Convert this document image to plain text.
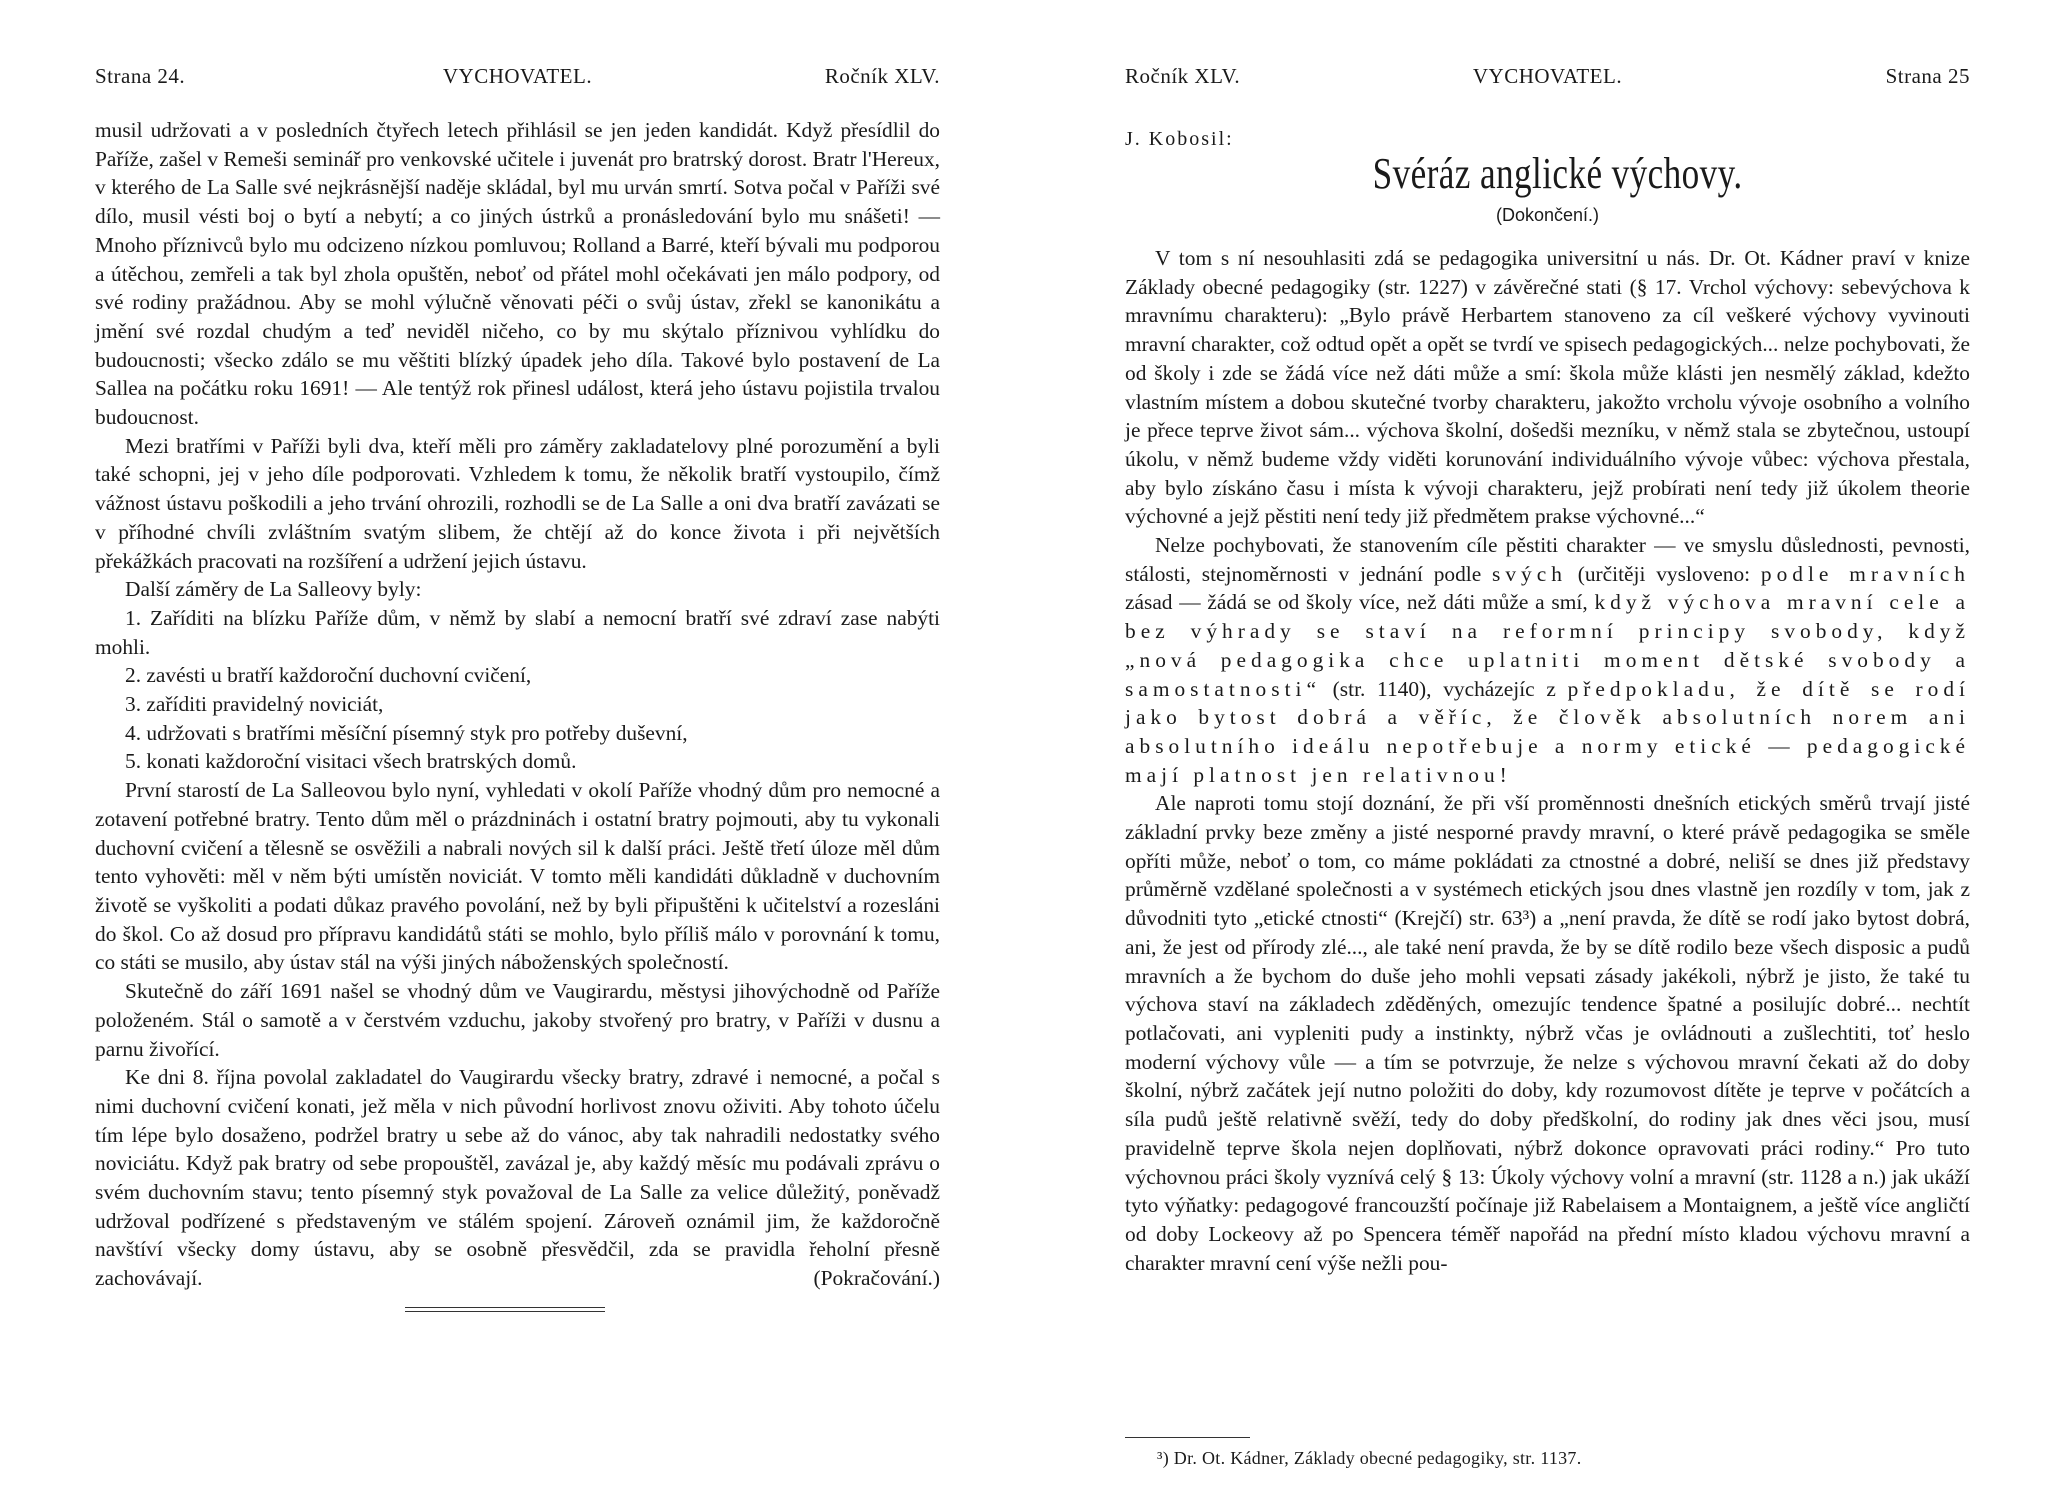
Strana 24.	VYCHOVATEL.	Ročník XLV.

musil udržovati a v posledních čtyřech letech přihlásil se jen jeden kandidát. Když přesídlil do Paříže, zašel v Remeši seminář pro venkovské učitele i juvenát pro bratrský dorost. Bratr l'Hereux, v kterého de La Salle své nejkrásnější naděje skládal, byl mu urván smrtí. Sotva počal v Paříži své dílo, musil vésti boj o bytí a nebytí; a co jiných ústrků a pronásledování bylo mu snášeti! — Mnoho příznivců bylo mu odcizeno nízkou pomluvou; Rolland a Barré, kteří bývali mu podporou a útěchou, zemřeli a tak byl zhola opuštěn, neboť od přátel mohl očekávati jen málo podpory, od své rodiny pražádnou. Aby se mohl výlučně věnovati péči o svůj ústav, zřekl se kanonikátu a jmění své rozdal chudým a teď neviděl ničeho, co by mu skýtalo příznivou vyhlídku do budoucnosti; všecko zdálo se mu věštiti blízký úpadek jeho díla. Takové bylo postavení de La Sallea na počátku roku 1691! — Ale tentýž rok přinesl událost, která jeho ústavu pojistila trvalou budoucnost.

Mezi bratřími v Paříži byli dva, kteří měli pro záměry zakladatelovy plné porozumění a byli také schopni, jej v jeho díle podporovati. Vzhledem k tomu, že několik bratří vystoupilo, čímž vážnost ústavu poškodili a jeho trvání ohrozili, rozhodli se de La Salle a oni dva bratří zavázati se v příhodné chvíli zvláštním svatým slibem, že chtějí až do konce života i při největších překážkách pracovati na rozšíření a udržení jejich ústavu.

Další záměry de La Salleovy byly:

1. Zaříditi na blízku Paříže dům, v němž by slabí a nemocní bratří své zdraví zase nabýti mohli.

2. zavésti u bratří každoroční duchovní cvičení,

3. zaříditi pravidelný noviciát,

4. udržovati s bratřími měsíční písemný styk pro potřeby duševní,

5. konati každoroční visitaci všech bratrských domů.

První starostí de La Salleovou bylo nyní, vyhledati v okolí Paříže vhodný dům pro nemocné a zotavení potřebné bratry. Tento dům měl o prázdninách i ostatní bratry pojmouti, aby tu vykonali duchovní cvičení a tělesně se osvěžili a nabrali nových sil k další práci. Ještě třetí úloze měl dům tento vyhověti: měl v něm býti umístěn noviciát. V tomto měli kandidáti důkladně v duchovním životě se vyškoliti a podati důkaz pravého povolání, než by byli připuštěni k učitelství a rozesláni do škol. Co až dosud pro přípravu kandidátů státi se mohlo, bylo příliš málo v porovnání k tomu, co státi se musilo, aby ústav stál na výši jiných náboženských společností.

Skutečně do září 1691 našel se vhodný dům ve Vaugirardu, městysi jihovýchodně od Paříže položeném. Stál o samotě a v čerstvém vzduchu, jakoby stvořený pro bratry, v Paříži v dusnu a parnu živořící.

Ke dni 8. října povolal zakladatel do Vaugirardu všecky bratry, zdravé i nemocné, a počal s nimi duchovní cvičení konati, jež měla v nich původní horlivost znovu oživiti. Aby tohoto účelu tím lépe bylo dosaženo, podržel bratry u sebe až do vánoc, aby tak nahradili nedostatky svého noviciátu. Když pak bratry od sebe propouštěl, zavázal je, aby každý měsíc mu podávali zprávu o svém duchovním stavu; tento písemný styk považoval de La Salle za velice důležitý, poněvadž udržoval podřízené s představeným ve stálém spojení. Zároveň oznámil jim, že každoročně navštíví všecky domy ústavu, aby se osobně přesvědčil, zda se pravidla řeholní přesně zachovávají.	(Pokračování.)

Ročník XLV.	VYCHOVATEL.	Strana 25
J. Kobosil:
Svéráz anglické výchovy.
(Dokončení.)

V tom s ní nesouhlasiti zdá se pedagogika universitní u nás. Dr. Ot. Kádner praví v knize Základy obecné pedagogiky (str. 1227) v závěrečné stati (§ 17. Vrchol výchovy: sebevýchova k mravnímu charakteru): „Bylo právě Herbartem stanoveno za cíl veškeré výchovy vyvinouti mravní charakter, což odtud opět a opět se tvrdí ve spisech pedagogických... nelze pochybovati, že od školy i zde se žádá více než dáti může a smí: škola může klásti jen nesmělý základ, kdežto vlastním místem a dobou skutečné tvorby charakteru, jakožto vrcholu vývoje osobního a volního je přece teprve život sám... výchova školní, došedši mezníku, v němž stala se zbytečnou, ustoupí úkolu, v němž budeme vždy viděti korunování individuálního vývoje vůbec: výchova přestala, aby bylo získáno času i místa k vývoji charakteru, jejž probírati není tedy již úkolem theorie výchovné a jejž pěstiti není tedy již předmětem prakse výchovné...“

Nelze pochybovati, že stanovením cíle pěstiti charakter — ve smyslu důslednosti, pevnosti, stálosti, stejnoměrnosti v jednání podle svých (určitěji vysloveno: podle mravních zásad — žádá se od školy více, než dáti může a smí, když výchova mravní cele a bez výhrady se staví na reformní principy svobody, když „nová pedagogika chce uplatniti moment dětské svobody a samostatnosti“ (str. 1140), vycházejíc z předpokladu, že dítě se rodí jako bytost dobrá a věříc, že člověk absolutních norem ani absolutního ideálu nepotřebuje a normy etické — pedagogické mají platnost jen relativnou!

Ale naproti tomu stojí doznání, že při vší proměnnosti dnešních etických směrů trvají jisté základní prvky beze změny a jisté nesporné pravdy mravní, o které právě pedagogika se směle opříti může, neboť o tom, co máme pokládati za ctnostné a dobré, neliší se dnes již představy průměrně vzdělané společnosti a v systémech etických jsou dnes vlastně jen rozdíly v tom, jak z důvodniti tyto „etické ctnosti“ (Krejčí) str. 63³) a „není pravda, že dítě se rodí jako bytost dobrá, ani, že jest od přírody zlé..., ale také není pravda, že by se dítě rodilo beze všech disposic a pudů mravních a že bychom do duše jeho mohli vepsati zásady jakékoli, nýbrž je jisto, že také tu výchova staví na základech zděděných, omezujíc tendence špatné a posilujíc dobré... nechtít potlačovati, ani vypleniti pudy a instinkty, nýbrž včas je ovládnouti a zušlechtiti, toť heslo moderní výchovy vůle — a tím se potvrzuje, že nelze s výchovou mravní čekati až do doby školní, nýbrž začátek její nutno položiti do doby, kdy rozumovost dítěte je teprve v počátcích a síla pudů ještě relativně svěží, tedy do doby předškolní, do rodiny jak dnes věci jsou, musí pravidelně teprve škola nejen doplňovati, nýbrž dokonce opravovati práci rodiny.“ Pro tuto výchovnou práci školy vyznívá celý § 13: Úkoly výchovy volní a mravní (str. 1128 a n.) jak ukáží tyto výňatky: pedagogové francouzští počínaje již Rabelaisem a Montaignem, a ještě více angličtí od doby Lockeovy až po Spencera téměř napořád na přední místo kladou výchovu mravní a charakter mravní cení výše nežli pou-

³) Dr. Ot. Kádner, Základy obecné pedagogiky, str. 1137.
